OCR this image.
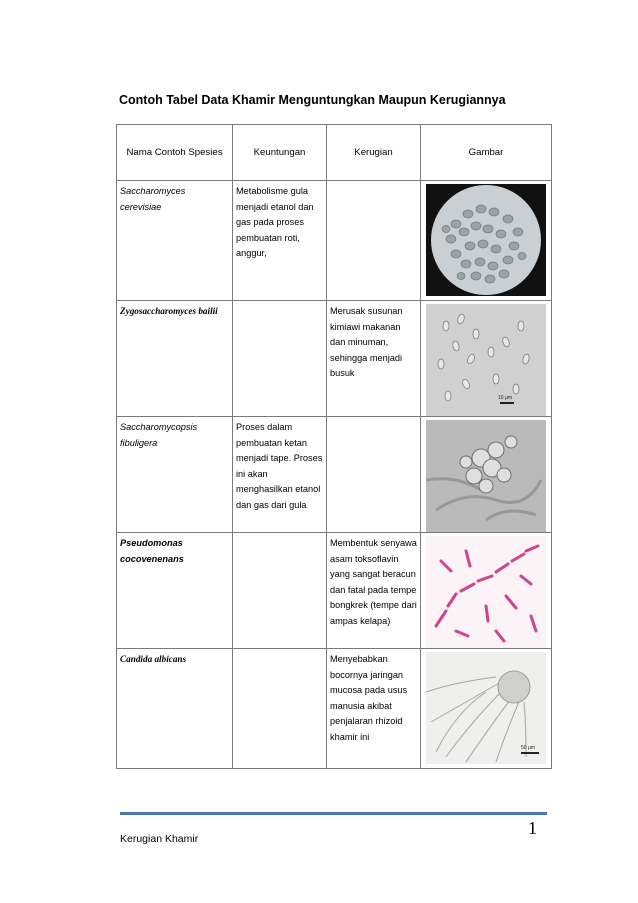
Contoh Tabel Data Khamir Menguntungkan Maupun Kerugiannya
Nama Contoh Spesies	Keuntungan	Kerugian	Gambar
Saccharomyces cerevisiae	Metabolisme gula menjadi etanol dan gas pada proses pembuatan roti, anggur,		

Zygosaccharomyces bailii		Merusak susunan kimiawi makanan dan minuman, sehingga menjadi busuk	10 μm

Saccharomycopsis fibuligera	Proses dalam pembuatan ketan menjadi tape. Proses ini akan menghasilkan etanol dan gas dari gula		

Pseudomonas cocovenenans		Membentuk senyawa asam toksoflavin yang sangat beracun dan fatal pada tempe bongkrek (tempe dari ampas kelapa)	

Candida albicans		Menyebabkan bocornya jaringan mucosa pada usus manusia akibat penjalaran rhizoid khamir ini	50 μm
1
Kerugian Khamir
